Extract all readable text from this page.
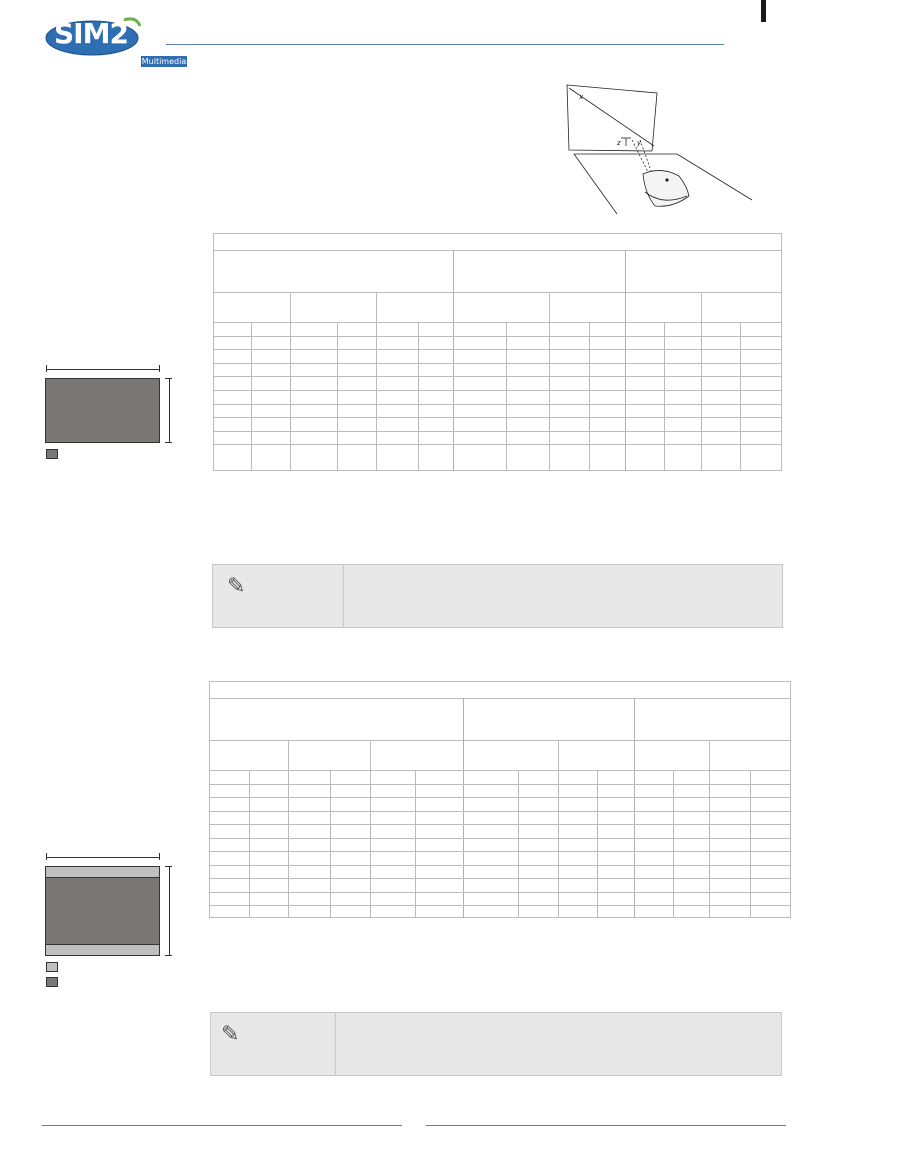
SIM2
Multimedia
x
y
z
✎
✎
